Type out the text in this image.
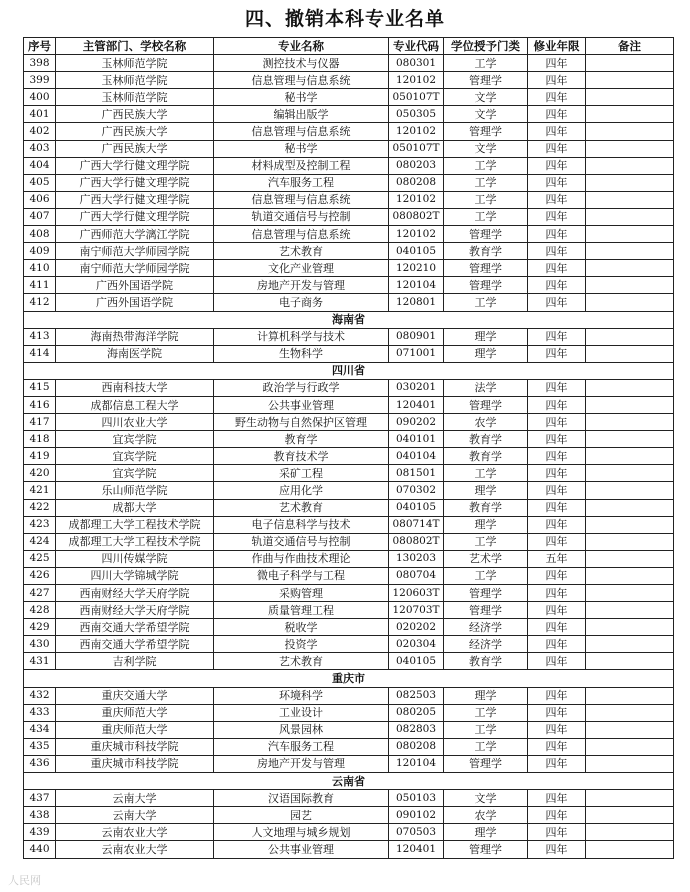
四、撤销本科专业名单
序号	主管部门、学校名称	专业名称	专业代码	学位授予门类	修业年限	备注
398	玉林师范学院	测控技术与仪器	080301	工学	四年	
399	玉林师范学院	信息管理与信息系统	120102	管理学	四年	
400	玉林师范学院	秘书学	050107T	文学	四年	
401	广西民族大学	编辑出版学	050305	文学	四年	
402	广西民族大学	信息管理与信息系统	120102	管理学	四年	
403	广西民族大学	秘书学	050107T	文学	四年	
404	广西大学行健文理学院	材料成型及控制工程	080203	工学	四年	
405	广西大学行健文理学院	汽车服务工程	080208	工学	四年	
406	广西大学行健文理学院	信息管理与信息系统	120102	工学	四年	
407	广西大学行健文理学院	轨道交通信号与控制	080802T	工学	四年	
408	广西师范大学漓江学院	信息管理与信息系统	120102	管理学	四年	
409	南宁师范大学师园学院	艺术教育	040105	教育学	四年	
410	南宁师范大学师园学院	文化产业管理	120210	管理学	四年	
411	广西外国语学院	房地产开发与管理	120104	管理学	四年	
412	广西外国语学院	电子商务	120801	工学	四年	
海南省						
413	海南热带海洋学院	计算机科学与技术	080901	理学	四年	
414	海南医学院	生物科学	071001	理学	四年	
四川省						
415	西南科技大学	政治学与行政学	030201	法学	四年	
416	成都信息工程大学	公共事业管理	120401	管理学	四年	
417	四川农业大学	野生动物与自然保护区管理	090202	农学	四年	
418	宜宾学院	教育学	040101	教育学	四年	
419	宜宾学院	教育技术学	040104	教育学	四年	
420	宜宾学院	采矿工程	081501	工学	四年	
421	乐山师范学院	应用化学	070302	理学	四年	
422	成都大学	艺术教育	040105	教育学	四年	
423	成都理工大学工程技术学院	电子信息科学与技术	080714T	理学	四年	
424	成都理工大学工程技术学院	轨道交通信号与控制	080802T	工学	四年	
425	四川传媒学院	作曲与作曲技术理论	130203	艺术学	五年	
426	四川大学锦城学院	微电子科学与工程	080704	工学	四年	
427	西南财经大学天府学院	采购管理	120603T	管理学	四年	
428	西南财经大学天府学院	质量管理工程	120703T	管理学	四年	
429	西南交通大学希望学院	税收学	020202	经济学	四年	
430	西南交通大学希望学院	投资学	020304	经济学	四年	
431	吉利学院	艺术教育	040105	教育学	四年	
重庆市						
432	重庆交通大学	环境科学	082503	理学	四年	
433	重庆师范大学	工业设计	080205	工学	四年	
434	重庆师范大学	风景园林	082803	工学	四年	
435	重庆城市科技学院	汽车服务工程	080208	工学	四年	
436	重庆城市科技学院	房地产开发与管理	120104	管理学	四年	
云南省						
437	云南大学	汉语国际教育	050103	文学	四年	
438	云南大学	园艺	090102	农学	四年	
439	云南农业大学	人文地理与城乡规划	070503	理学	四年	
440	云南农业大学	公共事业管理	120401	管理学	四年	
人民网
